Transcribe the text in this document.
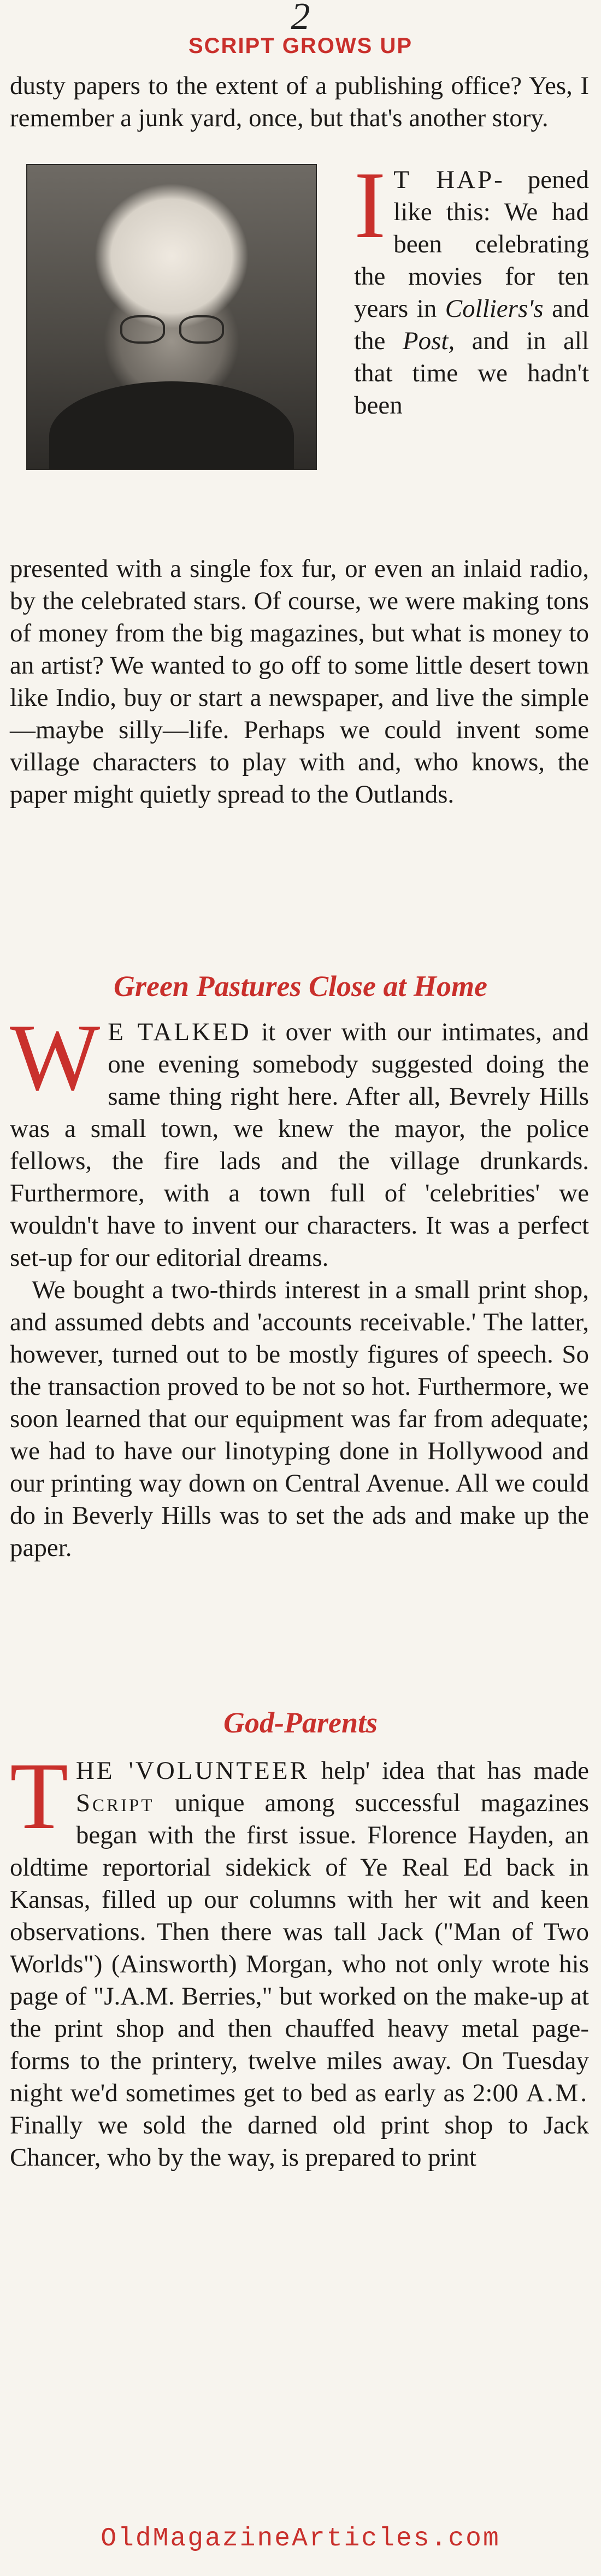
2
SCRIPT GROWS UP

dusty papers to the extent of a publishing office? Yes, I remember a junk yard, once, but that's another story.

I T HAP- pened like this: We had been celebrating the movies for ten years in Colliers's and the Post, and in all that time we hadn't been

presented with a single fox fur, or even an inlaid radio, by the celebrated stars. Of course, we were making tons of money from the big magazines, but what is money to an artist? We wanted to go off to some little desert town like Indio, buy or start a newspaper, and live the simple—maybe silly—life. Perhaps we could invent some village characters to play with and, who knows, the paper might quietly spread to the Outlands.

Green Pastures Close at Home

W E TALKED it over with our intimates, and one evening somebody suggested doing the same thing right here. After all, Bevrely Hills was a small town, we knew the mayor, the police fellows, the fire lads and the village drunkards. Furthermore, with a town full of 'celebrities' we wouldn't have to invent our characters. It was a perfect set-up for our editorial dreams.

We bought a two-thirds interest in a small print shop, and assumed debts and 'accounts receivable.' The latter, however, turned out to be mostly figures of speech. So the transaction proved to be not so hot. Furthermore, we soon learned that our equipment was far from adequate; we had to have our linotyping done in Hollywood and our printing way down on Central Avenue. All we could do in Beverly Hills was to set the ads and make up the paper.

God-Parents

THE 'VOLUNTEER help' idea that has made Script unique among successful magazines began with the first issue. Florence Hayden, an oldtime reportorial sidekick of Ye Real Ed back in Kansas, filled up our columns with her wit and keen observations. Then there was tall Jack ("Man of Two Worlds") (Ainsworth) Morgan, who not only wrote his page of "J.A.M. Berries," but worked on the make-up at the print shop and then chauffed heavy metal page-forms to the printery, twelve miles away. On Tuesday night we'd sometimes get to bed as early as 2:00 A.M. Finally we sold the darned old print shop to Jack Chancer, who by the way, is prepared to print

OldMagazineArticles.com
